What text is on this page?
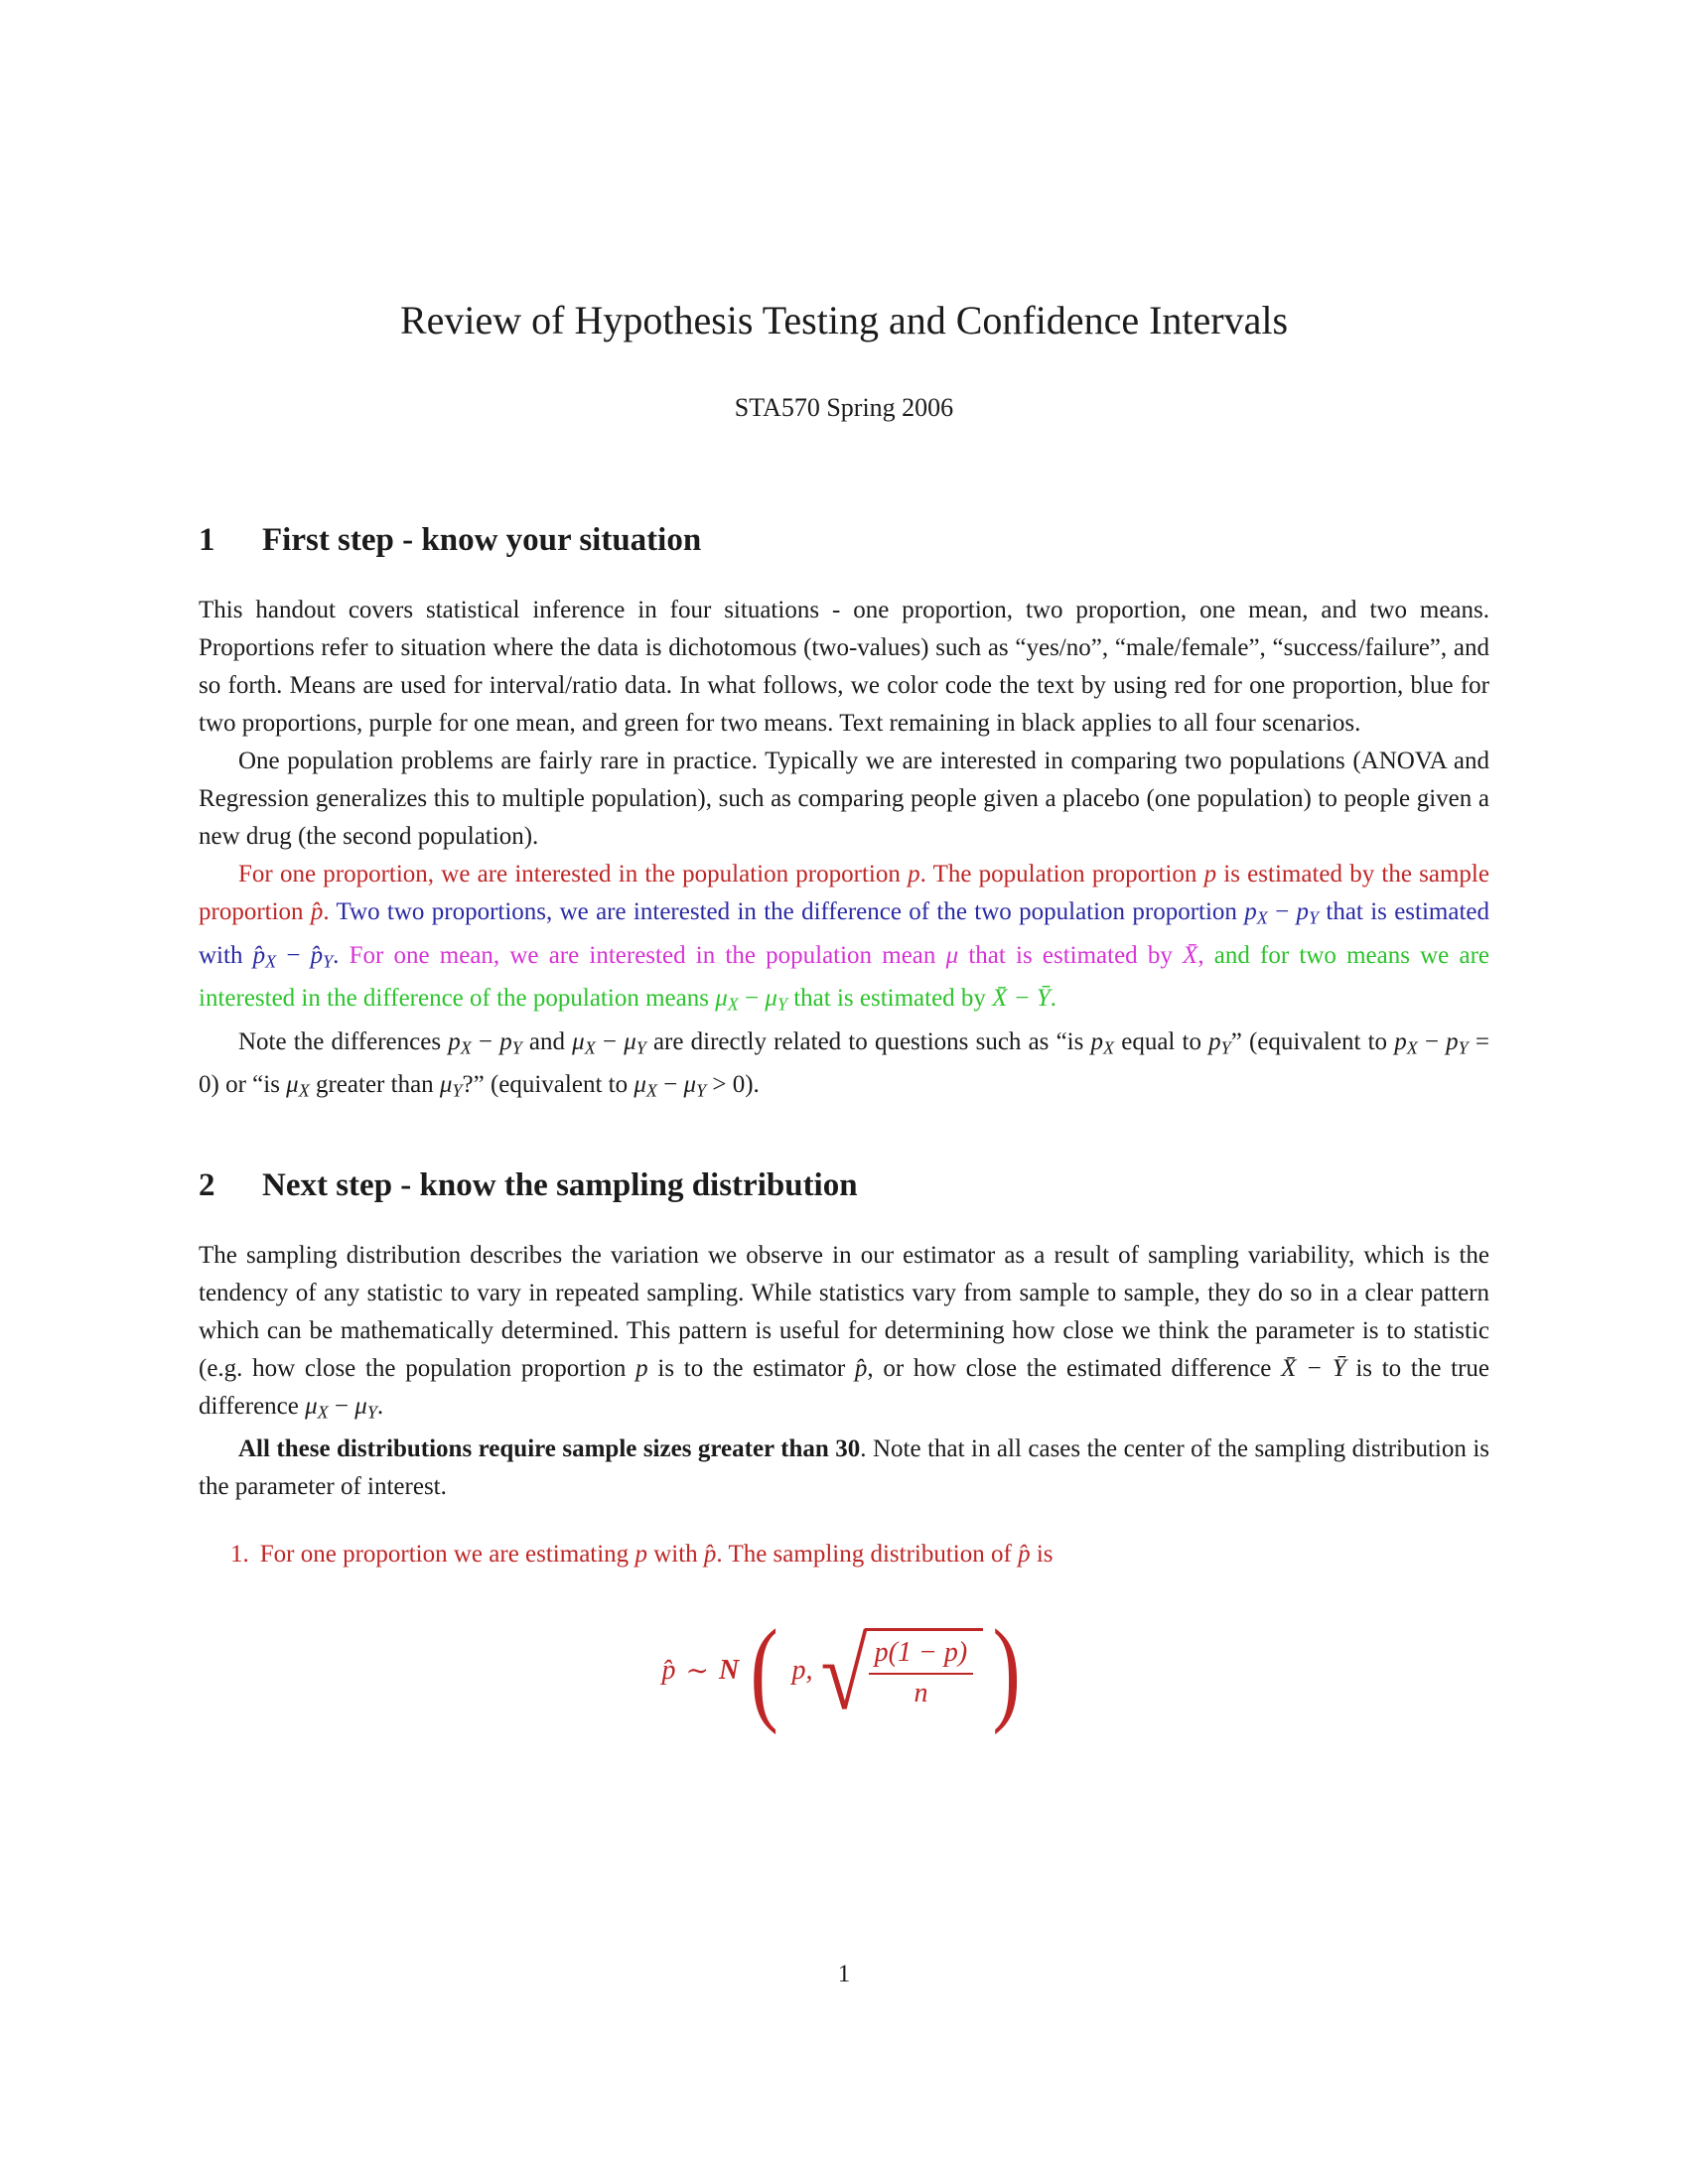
Review of Hypothesis Testing and Confidence Intervals
STA570 Spring 2006
1 First step - know your situation

This handout covers statistical inference in four situations - one proportion, two proportion, one mean, and two means. Proportions refer to situation where the data is dichotomous (two-values) such as “yes/no”, “male/female”, “success/failure”, and so forth. Means are used for interval/ratio data. In what follows, we color code the text by using red for one proportion, blue for two proportions, purple for one mean, and green for two means. Text remaining in black applies to all four scenarios.

One population problems are fairly rare in practice. Typically we are interested in comparing two populations (ANOVA and Regression generalizes this to multiple population), such as comparing people given a placebo (one population) to people given a new drug (the second population).

For one proportion, we are interested in the population proportion p. The population proportion p is estimated by the sample proportion p̂. Two two proportions, we are interested in the difference of the two population proportion pX − pY that is estimated with p̂X − p̂Y. For one mean, we are interested in the population mean μ that is estimated by X̄, and for two means we are interested in the difference of the population means μX − μY that is estimated by X̄ − Ȳ.

Note the differences pX − pY and μX − μY are directly related to questions such as “is pX equal to pY” (equivalent to pX − pY = 0) or “is μX greater than μY?” (equivalent to μX − μY > 0).

2 Next step - know the sampling distribution

The sampling distribution describes the variation we observe in our estimator as a result of sampling variability, which is the tendency of any statistic to vary in repeated sampling. While statistics vary from sample to sample, they do so in a clear pattern which can be mathematically determined. This pattern is useful for determining how close we think the parameter is to statistic (e.g. how close the population proportion p is to the estimator p̂, or how close the estimated difference X̄ − Ȳ is to the true difference μX − μY.

All these distributions require sample sizes greater than 30. Note that in all cases the center of the sampling distribution is the parameter of interest.

1. For one proportion we are estimating p with p̂. The sampling distribution of p̂ is
p̂ ∼ N ( p, √ $\frac{p(1 - p)}{n}$ )
1
